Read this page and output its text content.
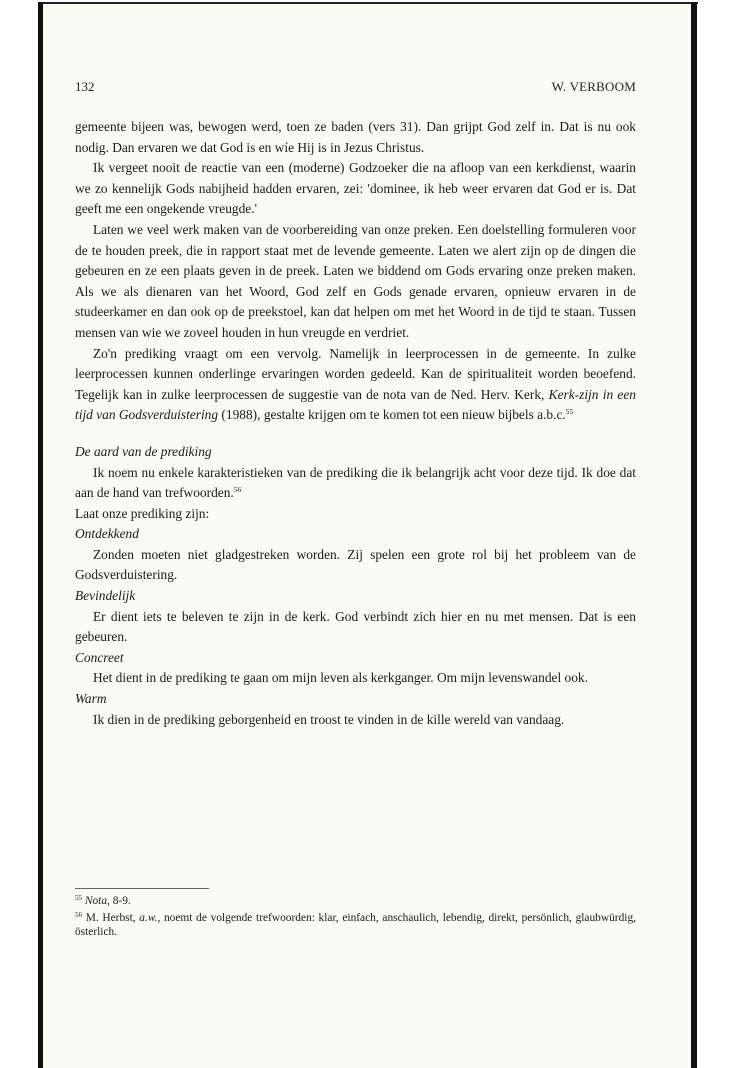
132	W. VERBOOM

gemeente bijeen was, bewogen werd, toen ze baden (vers 31). Dan grijpt God zelf in. Dat is nu ook nodig. Dan ervaren we dat God is en wíe Hij is in Jezus Christus.

Ik vergeet nooit de reactie van een (moderne) Godzoeker die na afloop van een kerkdienst, waarin we zo kennelijk Gods nabijheid hadden ervaren, zei: 'dominee, ik heb weer ervaren dat God er is. Dat geeft me een ongekende vreugde.'

Laten we veel werk maken van de voorbereiding van onze preken. Een doelstelling formuleren voor de te houden preek, die in rapport staat met de levende gemeente. Laten we alert zijn op de dingen die gebeuren en ze een plaats geven in de preek. Laten we biddend om Gods ervaring onze preken maken. Als we als dienaren van het Woord, God zelf en Gods genade ervaren, opnieuw ervaren in de studeerkamer en dan ook op de preekstoel, kan dat helpen om met het Woord in de tijd te staan. Tussen mensen van wie we zoveel houden in hun vreugde en verdriet.

Zo'n prediking vraagt om een vervolg. Namelijk in leerprocessen in de gemeente. In zulke leerprocessen kunnen onderlinge ervaringen worden gedeeld. Kan de spiritualiteit worden beoefend. Tegelijk kan in zulke leerprocessen de suggestie van de nota van de Ned. Herv. Kerk, Kerk-zijn in een tijd van Godsverduistering (1988), gestalte krijgen om te komen tot een nieuw bijbels a.b.c.$^{55}$

De aard van de prediking

Ik noem nu enkele karakteristieken van de prediking die ik belangrijk acht voor deze tijd. Ik doe dat aan de hand van trefwoorden.$^{56}$

Laat onze prediking zijn:

Ontdekkend

Zonden moeten niet gladgestreken worden. Zij spelen een grote rol bij het probleem van de Godsverduistering.

Bevindelijk

Er dient iets te beleven te zijn in de kerk. God verbindt zich hier en nu met mensen. Dat is een gebeuren.

Concreet

Het dient in de prediking te gaan om mijn leven als kerkganger. Om mijn levenswandel ook.

Warm

Ik dien in de prediking geborgenheid en troost te vinden in de kille wereld van vandaag.

$^{55}$ Nota, 8-9.

$^{56}$ M. Herbst, a.w., noemt de volgende trefwoorden: klar, einfach, anschaulich, lebendig, direkt, persönlich, glaubwürdig, österlich.
